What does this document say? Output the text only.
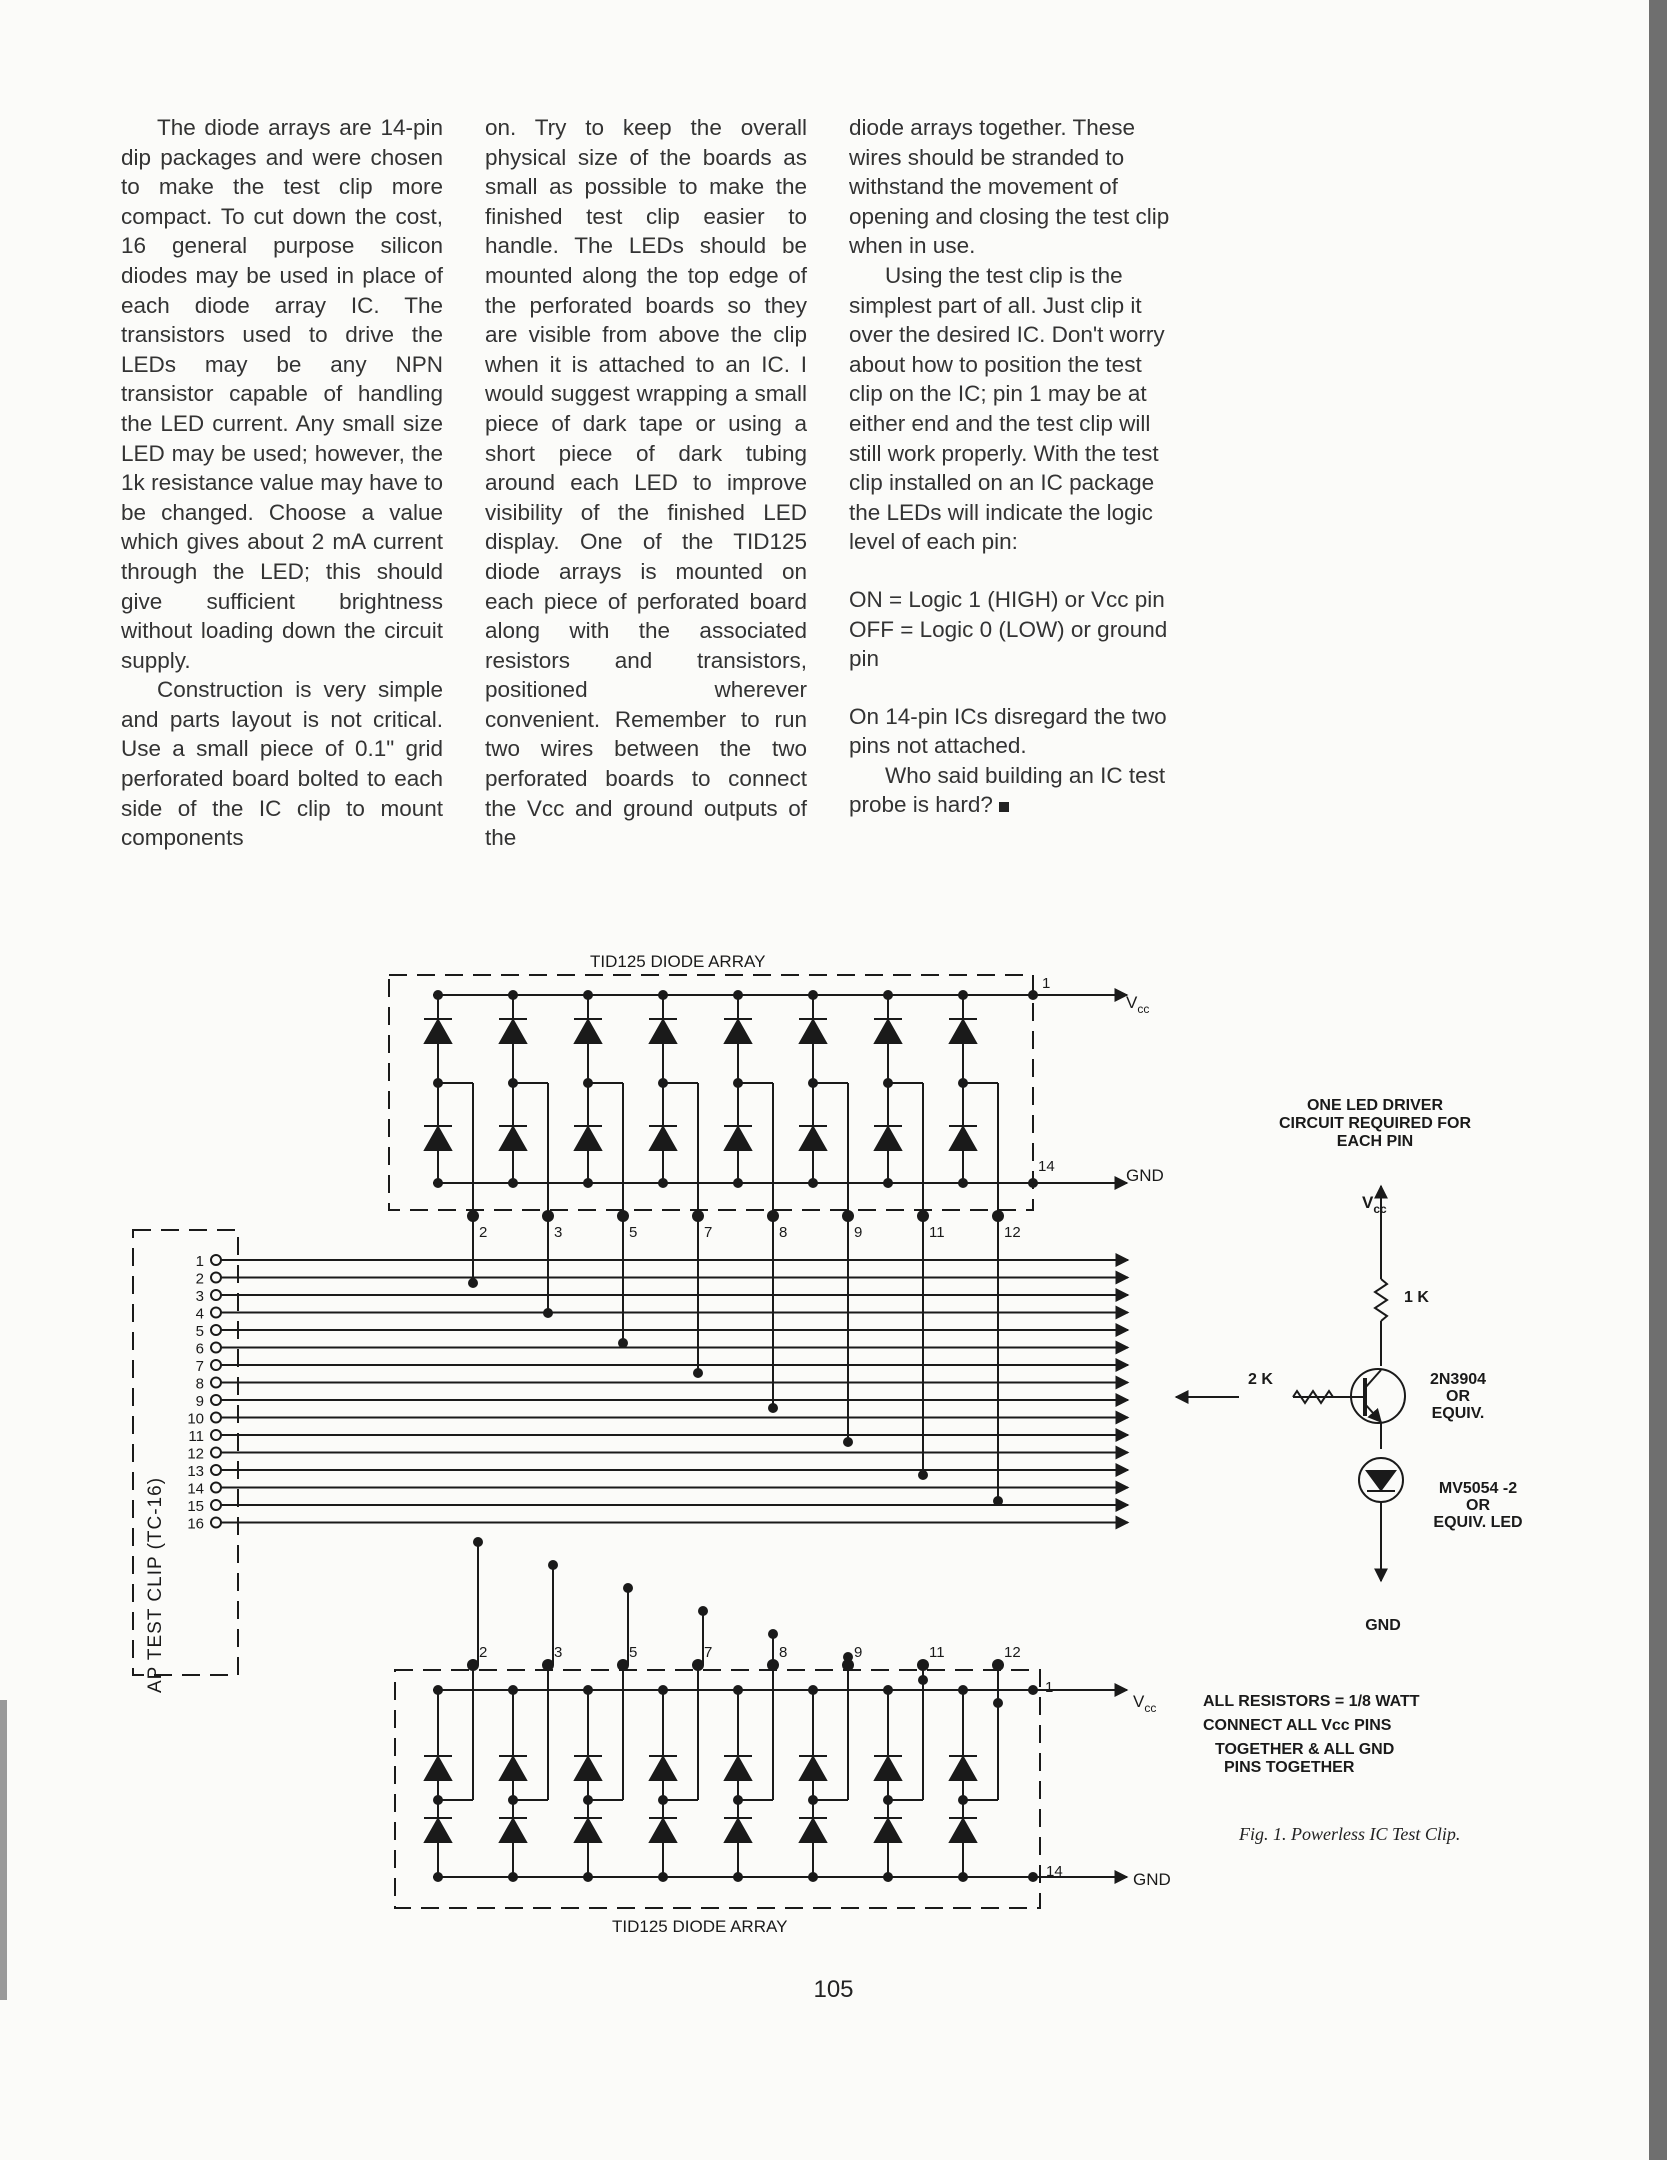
The diode arrays are 14-pin dip packages and were chosen to make the test clip more compact. To cut down the cost, 16 general purpose silicon diodes may be used in place of each diode array IC. The transistors used to drive the LEDs may be any NPN transistor capable of handling the LED current. Any small size LED may be used; however, the 1k resistance value may have to be changed. Choose a value which gives about 2 mA current through the LED; this should give sufficient brightness without loading down the circuit supply.

Construction is very simple and parts layout is not critical. Use a small piece of 0.1" grid perforated board bolted to each side of the IC clip to mount components

on. Try to keep the overall physical size of the boards as small as possible to make the finished test clip easier to handle. The LEDs should be mounted along the top edge of the perforated boards so they are visible from above the clip when it is attached to an IC. I would suggest wrapping a small piece of dark tape or using a short piece of dark tubing around each LED to improve visibility of the finished LED display. One of the TID125 diode arrays is mounted on each piece of perforated board along with the associated resistors and transistors, positioned wherever convenient. Remember to run two wires between the two perforated boards to connect the Vcc and ground outputs of the

diode arrays together. These wires should be stranded to withstand the movement of opening and closing the test clip when in use.

Using the test clip is the simplest part of all. Just clip it over the desired IC. Don't worry about how to position the test clip on the IC; pin 1 may be at either end and the test clip will still work properly. With the test clip installed on an IC package the LEDs will indicate the logic level of each pin:

ON = Logic 1 (HIGH) or Vcc pin

OFF = Logic 0 (LOW) or ground pin

On 14-pin ICs disregard the two pins not attached.

Who said building an IC test probe is hard?

1
2
3
4
5
6
7
8
9
10
11
12
13
14
15
16
2	3	5	7	8	9	11	12
2	3	5	7	8	9	11	12
TID125 DIODE ARRAY
TID125 DIODE ARRAY
1
14
1
14
$V_{cc}$
GND
$V_{cc}$
GND
AP TEST CLIP (TC-16)
ONE LED DRIVER
CIRCUIT REQUIRED FOR
EACH PIN
$V_{cc}$
1 K
2 K	2N3904
OR
EQUIV.
MV5054 -2
OR
EQUIV. LED
GND
ALL RESISTORS = 1/8 WATT
CONNECT ALL Vcc PINS
TOGETHER & ALL GND
PINS TOGETHER
Fig. 1. Powerless IC Test Clip.
105
